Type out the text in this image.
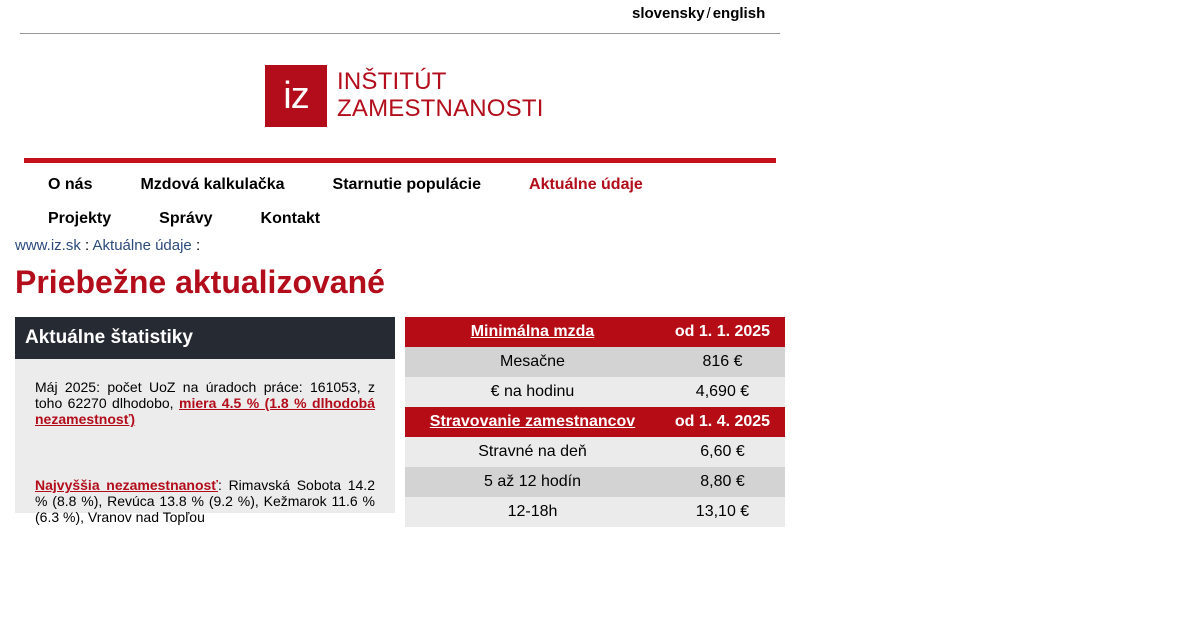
slovensky / english
iz	INŠTITÚT
ZAMESTNANOSTI
O nás	Mzdová kalkulačka	Starnutie populácie	Aktuálne údaje
Projekty	Správy	Kontakt
www.iz.sk : Aktuálne údaje :
Priebežne aktualizované
Aktuálne štatistiky

Máj 2025: počet UoZ na úradoch práce: 161053, z toho 62270 dlhodobo, miera 4.5 % (1.8 % dlhodobá nezamestnosť)

Najvyššia nezamestnanosť: Rimavská Sobota 14.2 % (8.8 %), Revúca 13.8 % (9.2 %), Kežmarok 11.6 % (6.3 %), Vranov nad Topľou

Minimálna mzda	od 1. 1. 2025
Mesačne	816 €
€ na hodinu	4,690 €
Stravovanie zamestnancov	od 1. 4. 2025
Stravné na deň	6,60 €
5 až 12 hodín	8,80 €
12-18h	13,10 €
